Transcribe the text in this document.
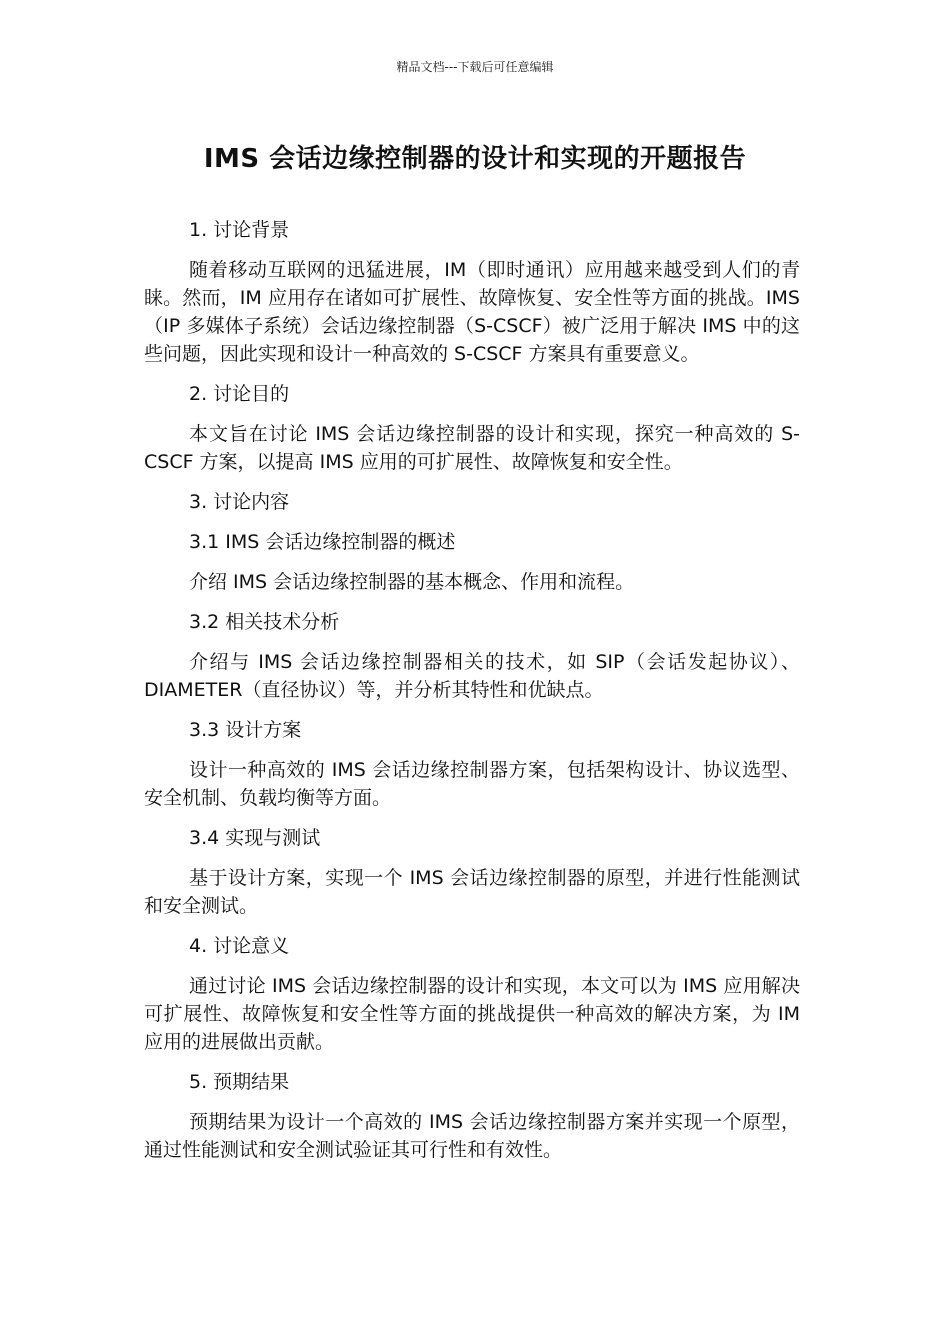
精品文档---下载后可任意编辑
IMS 会话边缘控制器的设计和实现的开题报告
1. 讨论背景

随着移动互联网的迅猛进展，IM（即时通讯）应用越来越受到人们的青睐。然而，IM 应用存在诸如可扩展性、故障恢复、安全性等方面的挑战。IMS（IP 多媒体子系统）会话边缘控制器（S-CSCF）被广泛用于解决 IMS 中的这些问题，因此实现和设计一种高效的 S-CSCF 方案具有重要意义。

2. 讨论目的

本文旨在讨论 IMS 会话边缘控制器的设计和实现，探究一种高效的 S-CSCF 方案，以提高 IMS 应用的可扩展性、故障恢复和安全性。

3. 讨论内容
3.1 IMS 会话边缘控制器的概述

介绍 IMS 会话边缘控制器的基本概念、作用和流程。

3.2 相关技术分析

介绍与 IMS 会话边缘控制器相关的技术，如 SIP（会话发起协议）、DIAMETER（直径协议）等，并分析其特性和优缺点。

3.3 设计方案

设计一种高效的 IMS 会话边缘控制器方案，包括架构设计、协议选型、安全机制、负载均衡等方面。

3.4 实现与测试

基于设计方案，实现一个 IMS 会话边缘控制器的原型，并进行性能测试和安全测试。

4. 讨论意义

通过讨论 IMS 会话边缘控制器的设计和实现，本文可以为 IMS 应用解决可扩展性、故障恢复和安全性等方面的挑战提供一种高效的解决方案，为 IM 应用的进展做出贡献。

5. 预期结果

预期结果为设计一个高效的 IMS 会话边缘控制器方案并实现一个原型，通过性能测试和安全测试验证其可行性和有效性。
